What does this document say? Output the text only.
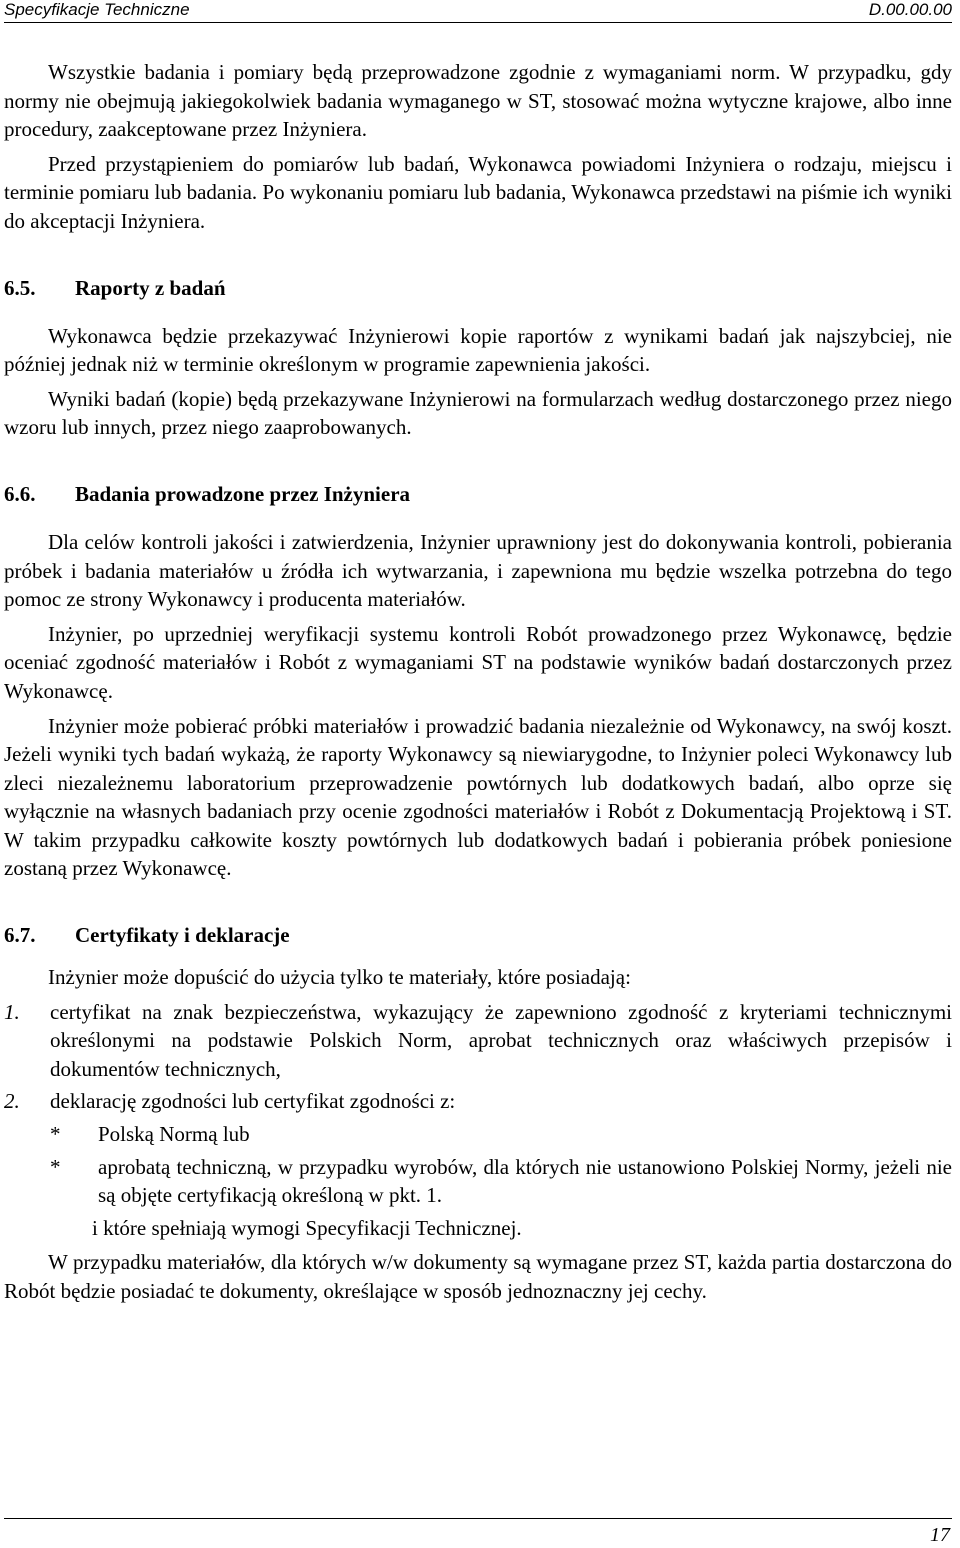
Specyfikacje Techniczne	D.00.00.00

Wszystkie badania i pomiary będą przeprowadzone zgodnie z wymaganiami norm. W przypadku, gdy normy nie obejmują jakiegokolwiek badania wymaganego w ST, stosować można wytyczne krajowe, albo inne procedury, zaakceptowane przez Inżyniera.

Przed przystąpieniem do pomiarów lub badań, Wykonawca powiadomi Inżyniera o rodzaju, miejscu i terminie pomiaru lub badania. Po wykonaniu pomiaru lub badania, Wykonawca przedstawi na piśmie ich wyniki do akceptacji Inżyniera.

6.5. Raporty z badań

Wykonawca będzie przekazywać Inżynierowi kopie raportów z wynikami badań jak najszybciej, nie później jednak niż w terminie określonym w programie zapewnienia jakości.

Wyniki badań (kopie) będą przekazywane Inżynierowi na formularzach według dostarczonego przez niego wzoru lub innych, przez niego zaaprobowanych.

6.6. Badania prowadzone przez Inżyniera

Dla celów kontroli jakości i zatwierdzenia, Inżynier uprawniony jest do dokonywania kontroli, pobierania próbek i badania materiałów u źródła ich wytwarzania, i zapewniona mu będzie wszelka potrzebna do tego pomoc ze strony Wykonawcy i producenta materiałów.

Inżynier, po uprzedniej weryfikacji systemu kontroli Robót prowadzonego przez Wykonawcę, będzie oceniać zgodność materiałów i Robót z wymaganiami ST na podstawie wyników badań dostarczonych przez Wykonawcę.

Inżynier może pobierać próbki materiałów i prowadzić badania niezależnie od Wykonawcy, na swój koszt. Jeżeli wyniki tych badań wykażą, że raporty Wykonawcy są niewiarygodne, to Inżynier poleci Wykonawcy lub zleci niezależnemu laboratorium przeprowadzenie powtórnych lub dodatkowych badań, albo oprze się wyłącznie na własnych badaniach przy ocenie zgodności materiałów i Robót z Dokumentacją Projektową i ST. W takim przypadku całkowite koszty powtórnych lub dodatkowych badań i pobierania próbek poniesione zostaną przez Wykonawcę.

6.7. Certyfikaty i deklaracje

Inżynier może dopuścić do użycia tylko te materiały, które posiadają:

1. certyfikat na znak bezpieczeństwa, wykazujący że zapewniono zgodność z kryteriami technicznymi określonymi na podstawie Polskich Norm, aprobat technicznych oraz właściwych przepisów i dokumentów technicznych,
2. deklarację zgodności lub certyfikat zgodności z:
* Polską Normą lub
* aprobatą techniczną, w przypadku wyrobów, dla których nie ustanowiono Polskiej Normy, jeżeli nie są objęte certyfikacją określoną w pkt. 1.
i które spełniają wymogi Specyfikacji Technicznej.

W przypadku materiałów, dla których w/w dokumenty są wymagane przez ST, każda partia dostarczona do Robót będzie posiadać te dokumenty, określające w sposób jednoznaczny jej cechy.

17
